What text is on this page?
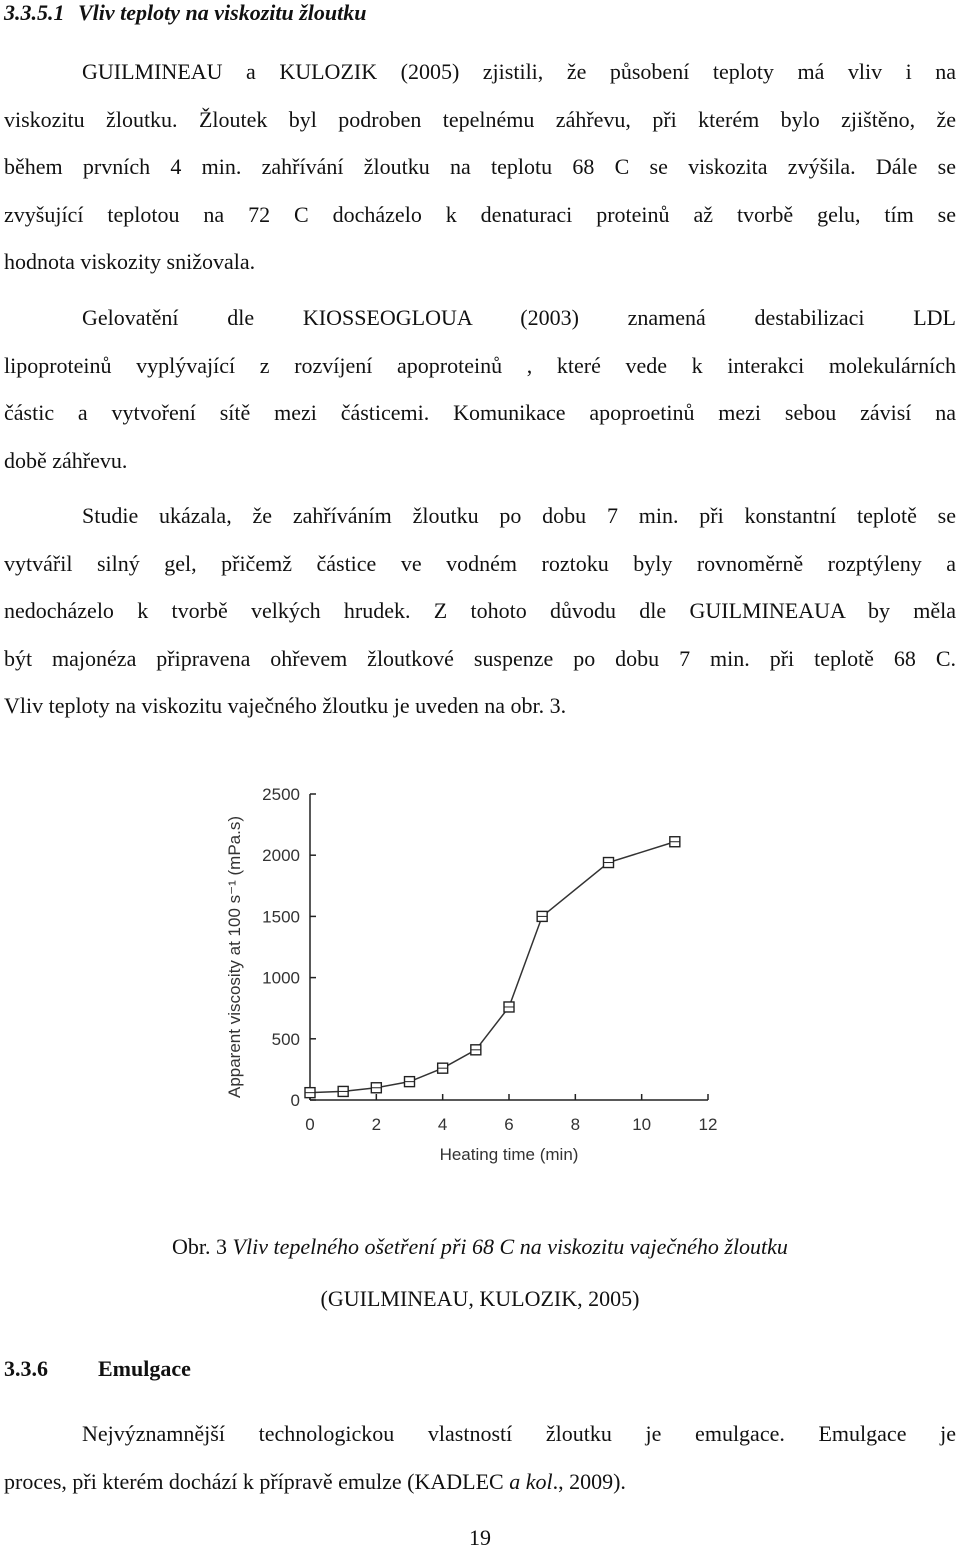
3.3.5.1 Vliv teploty na viskozitu žloutku
GUILMINEAU a KULOZIK (2005) zjistili, že působení teploty má vliv i na
viskozitu žloutku. Žloutek byl podroben tepelnému záhřevu, při kterém bylo zjištěno, že
během prvních 4 min. zahřívání žloutku na teplotu 68 C se viskozita zvýšila. Dále se
zvyšující teplotou na 72 C docházelo k denaturaci proteinů až tvorbě gelu, tím se
hodnota viskozity snižovala.
Gelovatění dle KIOSSEOGLOUA (2003) znamená destabilizaci LDL
lipoproteinů vyplývající z rozvíjení apoproteinů , které vede k interakci molekulárních
částic a vytvoření sítě mezi částicemi. Komunikace apoproetinů mezi sebou závisí na
době záhřevu.
Studie ukázala, že zahříváním žloutku po dobu 7 min. při konstantní teplotě se
vytvářil silný gel, přičemž částice ve vodném roztoku byly rovnoměrně rozptýleny a
nedocházelo k tvorbě velkých hrudek. Z tohoto důvodu dle GUILMINEAUA by měla
být majonéza připravena ohřevem žloutkové suspenze po dobu 7 min. při teplotě 68 C.
Vliv teploty na viskozitu vaječného žloutku je uveden na obr. 3.
0	2	4	6	8	10	12
0
500
1000
1500
2000
2500
Heating time (min)
Apparent viscosity at 100 s⁻¹ (mPa.s)
Obr. 3 Vliv tepelného ošetření při 68 C na viskozitu vaječného žloutku
(GUILMINEAU, KULOZIK, 2005)
3.3.6 Emulgace
Nejvýznamnější technologickou vlastností žloutku je emulgace. Emulgace je
proces, při kterém dochází k přípravě emulze (KADLEC a kol., 2009).
19
